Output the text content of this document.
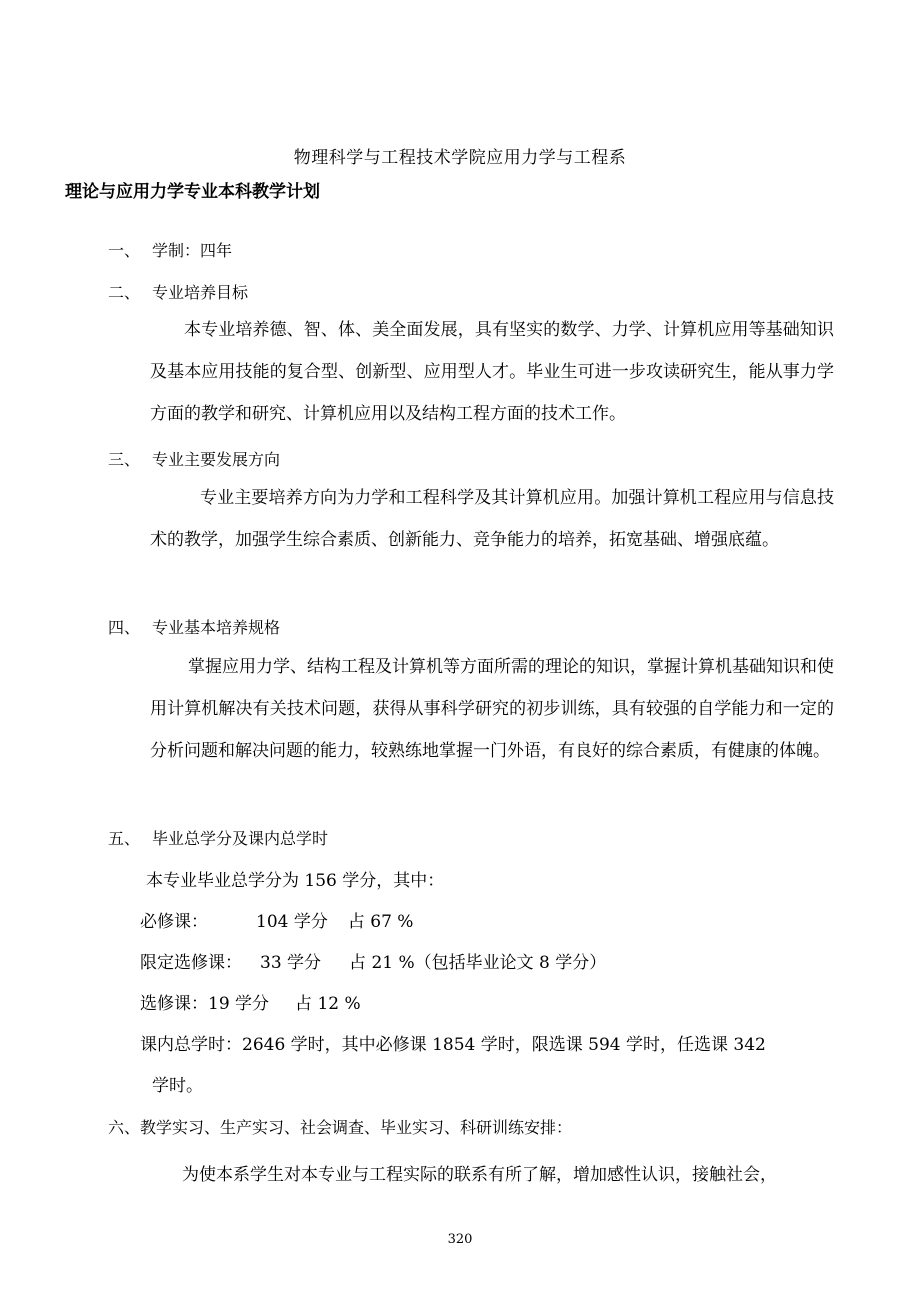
物理科学与工程技术学院应用力学与工程系
理论与应用力学专业本科教学计划
一、 学制：四年
二、 专业培养目标
本专业培养德、智、体、美全面发展，具有坚实的数学、力学、计算机应用等基础知识及基本应用技能的复合型、创新型、应用型人才。毕业生可进一步攻读研究生，能从事力学方面的教学和研究、计算机应用以及结构工程方面的技术工作。
三、 专业主要发展方向
专业主要培养方向为力学和工程科学及其计算机应用。加强计算机工程应用与信息技术的教学，加强学生综合素质、创新能力、竞争能力的培养，拓宽基础、增强底蕴。
四、 专业基本培养规格
掌握应用力学、结构工程及计算机等方面所需的理论的知识，掌握计算机基础知识和使用计算机解决有关技术问题，获得从事科学研究的初步训练，具有较强的自学能力和一定的分析问题和解决问题的能力，较熟练地掌握一门外语，有良好的综合素质，有健康的体魄。
五、 毕业总学分及课内总学时
本专业毕业总学分为 156 学分，其中：
必修课：	104 学分 占 67 %
限定选修课： 33 学分 占 21 %（包括毕业论文 8 学分）
选修课：19 学分 占 12 %
课内总学时：2646 学时，其中必修课 1854 学时，限选课 594 学时，任选课 342
学时。
六、教学实习、生产实习、社会调查、毕业实习、科研训练安排：
为使本系学生对本专业与工程实际的联系有所了解，增加感性认识，接触社会，
320
